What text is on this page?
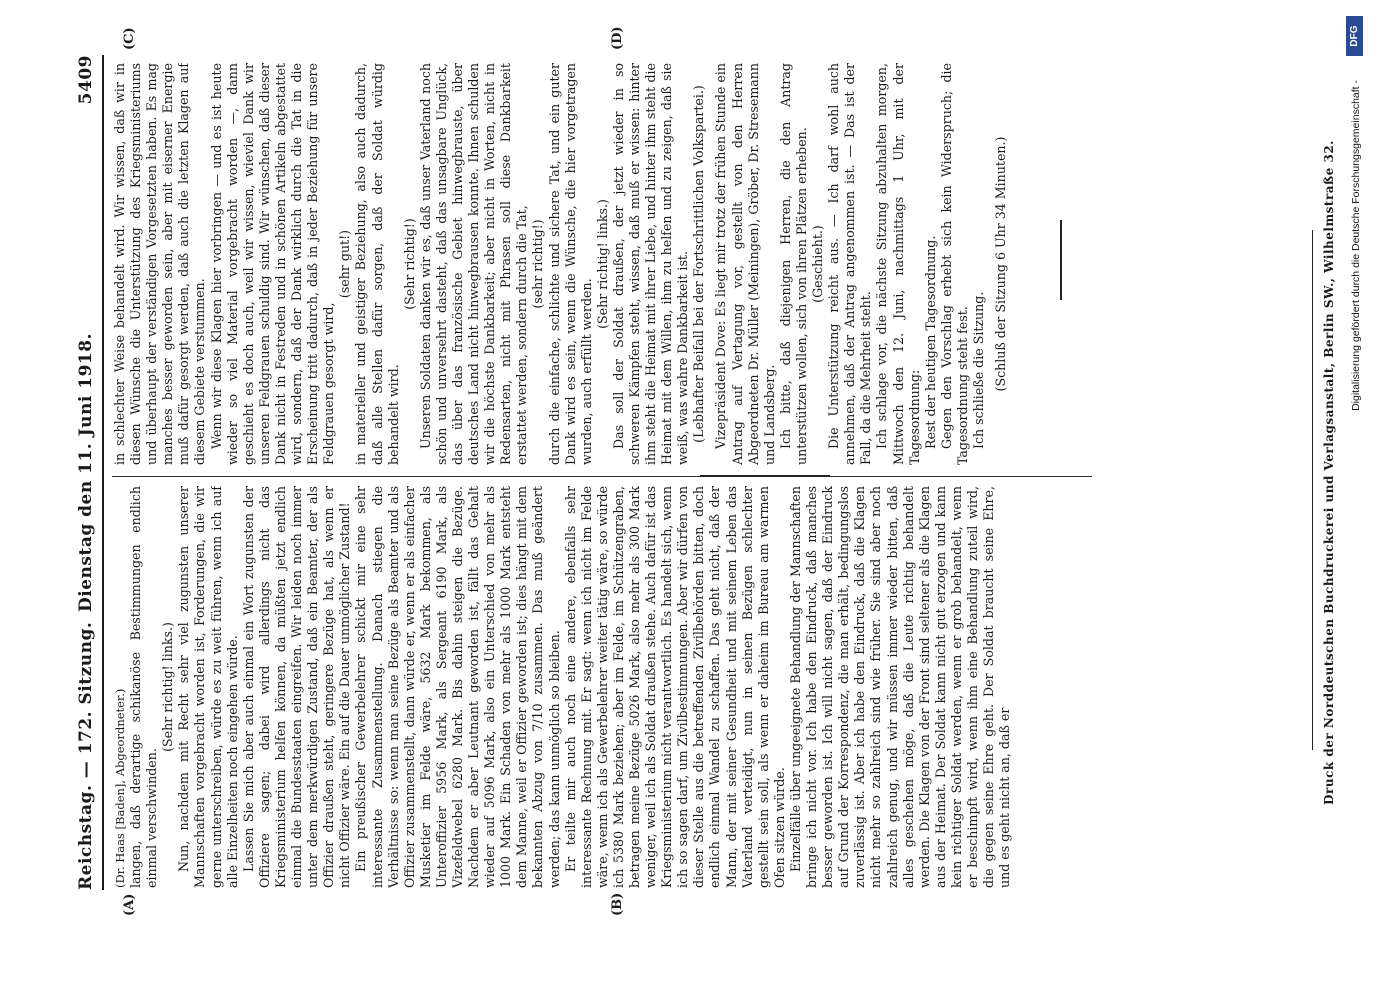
Reichstag. — 172. Sitzung.
Dienstag den 11. Juni 1918.
5409
(A)	(B)
(C)	(D)

(Dr. Haas [Baden], Abgeordneter.) langen, daß derartige schikanöse Bestimmungen endlich einmal verschwinden.

(Sehr richtig! links.) Nun, nachdem mit Recht sehr viel zugunsten unserer Mannschaften vorgebracht worden ist, Forderungen, die wir gerne unterschreiben, würde es zu weit führen, wenn ich auf alle Einzelheiten noch eingehen würde. Lassen Sie mich aber auch einmal ein Wort zugunsten der Offiziere sagen; dabei wird allerdings nicht das Kriegsministerium helfen können, da müßten jetzt endlich einmal die Bundesstaaten eingreifen. Wir leiden noch immer unter dem merkwürdigen Zustand, daß ein Beamter, der als Offizier draußen steht, geringere Bezüge hat, als wenn er nicht Offizier wäre. Ein auf die Dauer unmöglicher Zustand! Ein preußischer Gewerbelehrer schickt mir eine sehr interessante Zusammenstellung. Danach stiegen die Verhältnisse so: wenn man seine Bezüge als Beamter und als Offizier zusammenstellt, dann würde er, wenn er als einfacher Musketier im Felde wäre, 5632 Mark bekommen, als Unteroffizier 5956 Mark, als Sergeant 6190 Mark, als Vizefeldwebel 6280 Mark. Bis dahin steigen die Bezüge. Nachdem er aber Leutnant geworden ist, fällt das Gehalt wieder auf 5096 Mark, also ein Unterschied von mehr als 1000 Mark. Ein Schaden von mehr als 1000 Mark entsteht dem Manne, weil er Offizier geworden ist; dies hängt mit dem bekannten Abzug von 7/10 zusammen. Das muß geändert werden; das kann unmöglich so bleiben. Er teilte mir auch noch eine andere, ebenfalls sehr interessante Rechnung mit. Er sagt: wenn ich nicht im Felde wäre, wenn ich als Gewerbelehrer weiter tätig wäre, so würde ich 5380 Mark beziehen; aber im Felde, im Schützengraben, betragen meine Bezüge 5026 Mark, also mehr als 300 Mark weniger, weil ich als Soldat draußen stehe. Auch dafür ist das Kriegsministerium nicht verantwortlich. Es handelt sich, wenn ich so sagen darf, um Zivilbestimmungen. Aber wir dürfen von dieser Stelle aus die betreffenden Zivilbehörden bitten, doch endlich einmal Wandel zu schaffen. Das geht nicht, daß der Mann, der mit seiner Gesundheit und mit seinem Leben das Vaterland verteidigt, nun in seinen Bezügen schlechter gestellt sein soll, als wenn er daheim im Bureau am warmen Ofen sitzen würde. Einzelfälle über ungeeignete Behandlung der Mannschaften bringe ich nicht vor. Ich habe den Eindruck, daß manches besser geworden ist. Ich will nicht sagen, daß der Eindruck auf Grund der Korrespondenz, die man erhält, bedingungslos zuverlässig ist. Aber ich habe den Eindruck, daß die Klagen nicht mehr so zahlreich sind wie früher. Sie sind aber noch zahlreich genug, und wir müssen immer wieder bitten, daß alles geschehen möge, daß die Leute richtig behandelt werden. Die Klagen von der Front sind seltener als die Klagen aus der Heimat. Der Soldat kann nicht gut erzogen und kann kein richtiger Soldat werden, wenn er grob behandelt, wenn er beschimpft wird, wenn ihm eine Behandlung zuteil wird, die gegen seine Ehre geht. Der Soldat braucht seine Ehre, und es geht nicht an, daß er

in schlechter Weise behandelt wird. Wir wissen, daß wir in diesen Wünsche die Unterstützung des Kriegsministeriums und überhaupt der verständigen Vorgesetzten haben. Es mag manches besser geworden sein, aber mit eiserner Energie muß dafür gesorgt werden, daß auch die letzten Klagen auf diesem Gebiete verstummen. Wenn wir diese Klagen hier vorbringen — und es ist heute wieder so viel Material vorgebracht worden —, dann geschieht es doch auch, weil wir wissen, wieviel Dank wir unseren Feldgrauen schuldig sind. Wir wünschen, daß dieser Dank nicht in Festreden und in schönen Artikeln abgestattet wird, sondern, daß der Dank wirklich durch die Tat in die Erscheinung tritt dadurch, daß in jeder Beziehung für unsere Feldgrauen gesorgt wird,

(sehr gut!) in materieller und geistiger Beziehung, also auch dadurch, daß alle Stellen dafür sorgen, daß der Soldat würdig behandelt wird.

(Sehr richtig!) Unseren Soldaten danken wir es, daß unser Vaterland noch schön und unversehrt dasteht, daß das unsagbare Unglück, das über das französische Gebiet hinwegbrauste, über deutsches Land nicht hinwegbrausen konnte. Ihnen schulden wir die höchste Dankbarkeit; aber nicht in Worten, nicht in Redensarten, nicht mit Phrasen soll diese Dankbarkeit erstattet werden, sondern durch die Tat, (sehr richtig!) durch die einfache, schlichte und sichere Tat, und ein guter Dank wird es sein, wenn die Wünsche, die hier vorgetragen wurden, auch erfüllt werden.

(Sehr richtig! links.) Das soll der Soldat draußen, der jetzt wieder in so schweren Kämpfen steht, wissen, daß muß er wissen: hinter ihm steht die Heimat mit ihrer Liebe, und hinter ihm steht die Heimat mit dem Willen, ihm zu helfen und zu zeigen, daß sie weiß, was wahre Dankbarkeit ist. (Lebhafter Beifall bei der Fortschrittlichen Volkspartei.) Vizepräsident Dove: Es liegt mir trotz der frühen Stunde ein Antrag auf Vertagung vor, gestellt von den Herren Abgeordneten Dr. Müller (Meiningen), Gröber, Dr. Stresemann und Landsberg. Ich bitte, daß diejenigen Herren, die den Antrag unterstützen wollen, sich von ihren Plätzen erheben. (Geschieht.) Die Unterstützung reicht aus. — Ich darf wohl auch annehmen, daß der Antrag angenommen ist. — Das ist der Fall, da die Mehrheit steht. Ich schlage vor, die nächste Sitzung abzuhalten morgen, Mittwoch den 12. Juni, nachmittags 1 Uhr, mit der Tagesordnung: Rest der heutigen Tagesordnung. Gegen den Vorschlag erhebt sich kein Widerspruch; die Tagesordnung steht fest. Ich schließe die Sitzung. (Schluß der Sitzung 6 Uhr 34 Minuten.)	Druck der Norddeutschen Buchdruckerei und Verlagsanstalt, Berlin SW., Wilhelmstraße 32. Digitalisierung gefördert durch die Deutsche Forschungsgemeinschaft -
DFG
